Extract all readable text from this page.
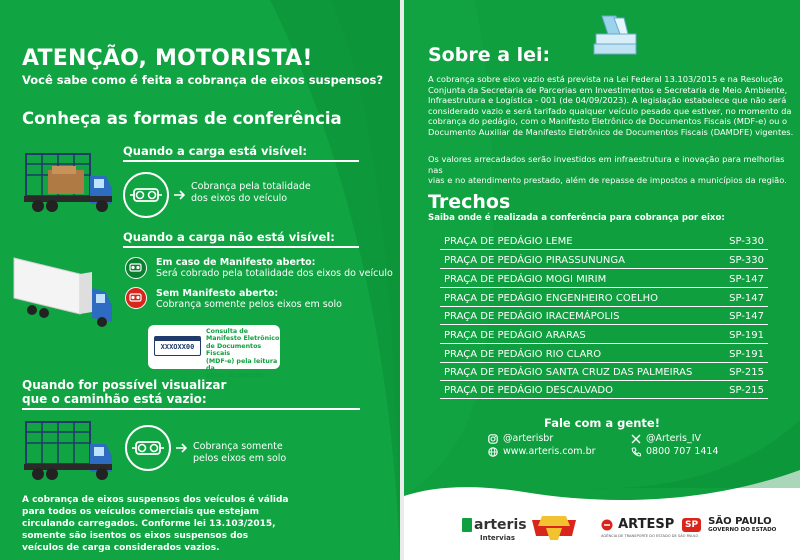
ATENÇÃO, MOTORISTA!
Você sabe como é feita a cobrança de eixos suspensos?
Conheça as formas de conferência
Quando a carga está visível:
Cobrança pela totalidade
dos eixos do veículo
Quando a carga não está visível:
Em caso de Manifesto aberto:
Será cobrado pela totalidade dos eixos do veículo
Sem Manifesto aberto:
Cobrança somente pelos eixos em solo
XXXOXX00
Consulta de
Manifesto Eletrônico
de Documentos Fiscais
(MDF-e) pela leitura da
placa do veículo
Quando for possível visualizar
que o caminhão está vazio:
Cobrança somente
pelos eixos em solo
A cobrança de eixos suspensos dos veículos é válida
para todos os veículos comerciais que estejam
circulando carregados. Conforme lei 13.103/2015,
somente são isentos os eixos suspensos dos
veículos de carga considerados vazios.
Sobre a lei:
A cobrança sobre eixo vazio está prevista na Lei Federal 13.103/2015 e na Resolução
Conjunta da Secretaria de Parcerias em Investimentos e Secretaria de Meio Ambiente,
Infraestrutura e Logística - 001 (de 04/09/2023). A legislação estabelece que não será
considerado vazio e será tarifado qualquer veículo pesado que estiver, no momento da
cobrança do pedágio, com o Manifesto Eletrônico de Documentos Fiscais (MDF-e) ou o
Documento Auxiliar de Manifesto Eletrônico de Documentos Fiscais (DAMDFE) vigentes.
Os valores arrecadados serão investidos em infraestrutura e inovação para melhorias nas
vias e no atendimento prestado, além de repasse de impostos a municípios da região.
Trechos
Saiba onde é realizada a conferência para cobrança por eixo:
PRAÇA DE PEDÁGIO LEME	SP-330
PRAÇA DE PEDÁGIO PIRASSUNUNGA	SP-330
PRAÇA DE PEDÁGIO MOGI MIRIM	SP-147
PRAÇA DE PEDÁGIO ENGENHEIRO COELHO	SP-147
PRAÇA DE PEDÁGIO IRACEMÁPOLIS	SP-147
PRAÇA DE PEDÁGIO ARARAS	SP-191
PRAÇA DE PEDÁGIO RIO CLARO	SP-191
PRAÇA DE PEDÁGIO SANTA CRUZ DAS PALMEIRAS	SP-215
PRAÇA DE PEDÁGIO DESCALVADO	SP-215
Fale com a gente!
@arterisbr	@Arteris_IV
www.arteris.com.br	0800 707 1414
arteris
Intervias
ARTESP
AGÊNCIA DE TRANSPORTE DO ESTADO DE SÃO PAULO
SP SÃO PAULO
GOVERNO DO ESTADO
